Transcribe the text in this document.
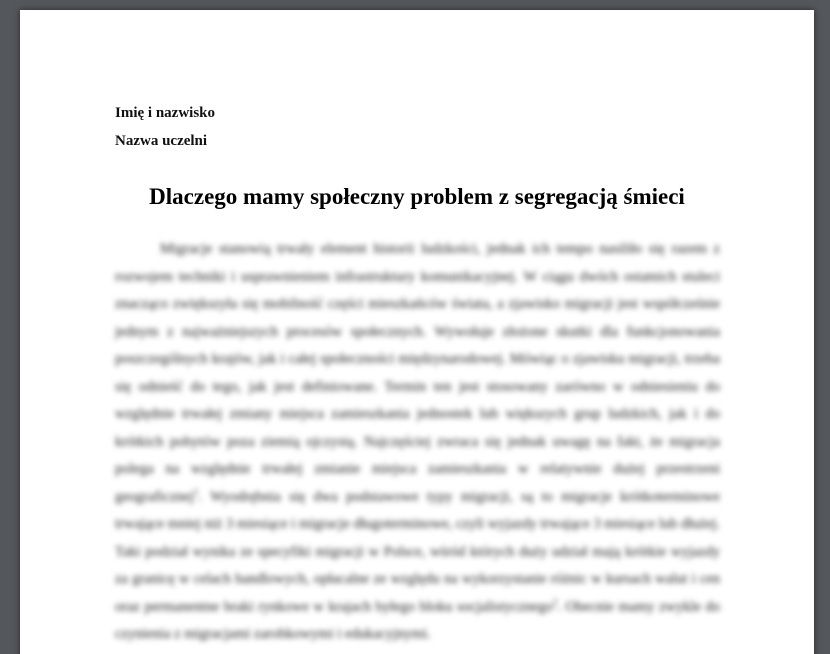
Imię i nazwisko
Nazwa uczelni
Dlaczego mamy społeczny problem z segregacją śmieci

Migracje stanowią trwały element historii ludzkości, jednak ich tempo nasiliło się razem z rozwojem techniki i usprawnieniem infrastruktury komunikacyjnej. W ciągu dwóch ostatnich stuleci znacząco zwiększyła się mobilność części mieszkańców świata, a zjawisko migracji jest współcześnie jednym z najważniejszych procesów społecznych. Wywołuje złożone skutki dla funkcjonowania poszczególnych krajów, jak i całej społeczności międzynarodowej. Mówiąc o zjawisku migracji, trzeba się odnieść do tego, jak jest definiowane. Termin ten jest stosowany zarówno w odniesieniu do względnie trwałej zmiany miejsca zamieszkania jednostek lub większych grup ludzkich, jak i do krótkich pobytów poza ziemią ojczystą. Najczęściej zwraca się jednak uwagę na fakt, że migracja polega na względnie trwałej zmianie miejsca zamieszkania w relatywnie dużej przestrzeni geograficznej$^1$. Wyodrębnia się dwa podstawowe typy migracji, są to migracje krótkoterminowe trwające mniej niż 3 miesiące i migracje długoterminowe, czyli wyjazdy trwające 3 miesiące lub dłużej. Taki podział wynika ze specyfiki migracji w Polsce, wśród których duży udział mają krótkie wyjazdy za granicę w celach handlowych, opłacalne ze względu na wykorzystanie różnic w kursach walut i cen oraz permanentne braki rynkowe w krajach byłego bloku socjalistycznego$^2$. Obecnie mamy zwykle do czynienia z migracjami zarobkowymi i edukacyjnymi.
